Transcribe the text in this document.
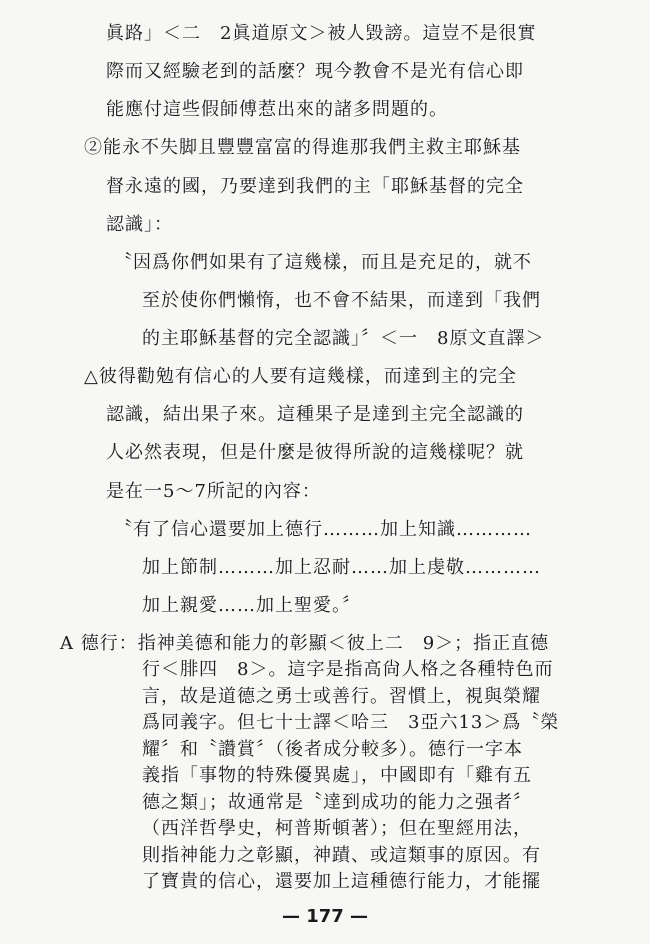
眞路」＜二　2眞道原文＞被人毀謗。這豈不是很實
際而又經驗老到的話麼？現今教會不是光有信心即
能應付這些假師傅惹出來的諸多問題的。
②能永不失脚且豐豐富富的得進那我們主救主耶穌基
督永遠的國，乃要達到我們的主「耶穌基督的完全
認識」：
〝因爲你們如果有了這幾樣，而且是充足的，就不
至於使你們懶惰，也不會不結果，而達到「我們
的主耶穌基督的完全認識」〞＜一　8原文直譯＞
△彼得勸勉有信心的人要有這幾樣，而達到主的完全
認識，結出果子來。這種果子是達到主完全認識的
人必然表現，但是什麼是彼得所說的這幾樣呢？就
是在一5～7所記的內容：
〝有了信心還要加上德行………加上知識…………
加上節制………加上忍耐……加上虔敬…………
加上親愛……加上聖愛。〞
A 德行：指神美德和能力的彰顯＜彼上二　9＞；指正直德
行＜腓四　8＞。這字是指高尙人格之各種特色而
言，故是道德之勇士或善行。習慣上，視與榮耀
爲同義字。但七十士譯＜哈三　3亞六13＞爲〝榮
耀〞和〝讚賞〞（後者成分較多）。德行一字本
義指「事物的特殊優異處」，中國即有「雞有五
德之類」；故通常是〝達到成功的能力之强者〞
（西洋哲學史，柯普斯頓著）；但在聖經用法，
則指神能力之彰顯，神蹟、或這類事的原因。有
了寶貴的信心，還要加上這種德行能力，才能擺
— 177 —
